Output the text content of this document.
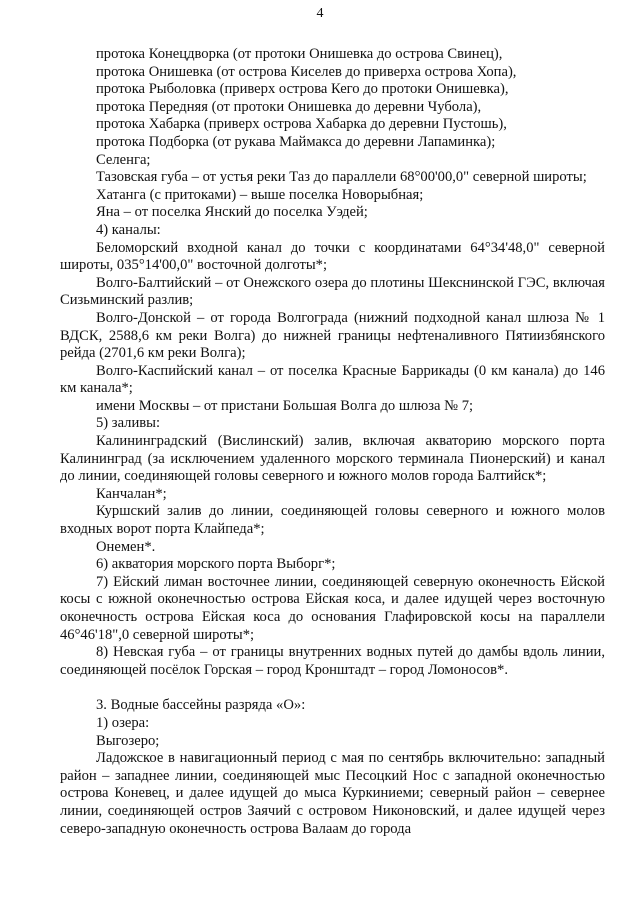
4

протока Конецдворка (от протоки Онишевка до острова Свинец),

протока Онишевка (от острова Киселев до приверха острова Хопа),

протока Рыболовка (приверх острова Кего до протоки Онишевка),

протока Передняя (от протоки Онишевка до деревни Чубола),

протока Хабарка (приверх острова Хабарка до деревни Пустошь),

протока Подборка (от рукава Маймакса до деревни Лапаминка);

Селенга;

Тазовская губа – от устья реки Таз до параллели 68°00'00,0" северной широты;

Хатанга (с притоками) – выше поселка Новорыбная;

Яна – от поселка Янский до поселка Уэдей;

4) каналы:

Беломорский входной канал до точки с координатами 64°34'48,0" северной широты, 035°14'00,0" восточной долготы*;

Волго-Балтийский – от Онежского озера до плотины Шекснинской ГЭС, включая Сизьминский разлив;

Волго-Донской – от города Волгограда (нижний подходной канал шлюза № 1 ВДСК, 2588,6 км реки Волга) до нижней границы нефтеналивного Пятиизбянского рейда (2701,6 км реки Волга);

Волго-Каспийский канал – от поселка Красные Баррикады (0 км канала) до 146 км канала*;

имени Москвы – от пристани Большая Волга до шлюза № 7;

5) заливы:

Калининградский (Вислинский) залив, включая акваторию морского порта Калининград (за исключением удаленного морского терминала Пионерский) и канал до линии, соединяющей головы северного и южного молов города Балтийск*;

Канчалан*;

Куршский залив до линии, соединяющей головы северного и южного молов входных ворот порта Клайпеда*;

Онемен*.

6) акватория морского порта Выборг*;

7) Ейский лиман восточнее линии, соединяющей северную оконечность Ейской косы с южной оконечностью острова Ейская коса, и далее идущей через восточную оконечность острова Ейская коса до основания Глафировской косы на параллели 46°46'18",0 северной широты*;

8) Невская губа – от границы внутренних водных путей до дамбы вдоль линии, соединяющей посёлок Горская – город Кронштадт – город Ломоносов*.

3. Водные бассейны разряда «О»:

1) озера:

Выгозеро;

Ладожское в навигационный период с мая по сентябрь включительно: западный район – западнее линии, соединяющей мыс Песоцкий Нос с западной оконечностью острова Коневец, и далее идущей до мыса Куркиниеми; северный район – севернее линии, соединяющей остров Заячий с островом Никоновский, и далее идущей через северо-западную оконечность острова Валаам до города
